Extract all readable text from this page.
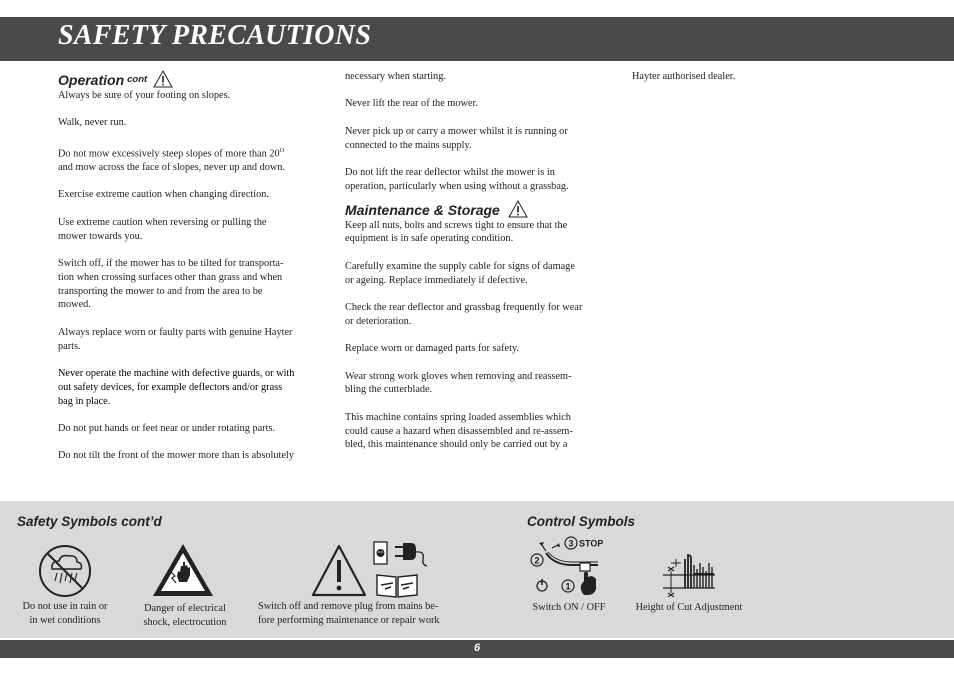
SAFETY PRECAUTIONS
Operation cont

Always be sure of your footing on slopes.

Walk, never run.

Do not mow excessively steep slopes of more than $20^O$
and mow across the face of slopes, never up and down.

Exercise extreme caution when changing direction.

Use extreme caution when reversing or pulling the
mower towards you.

Switch off, if the mower has to be tilted for transporta-
tion when crossing surfaces other than grass and when
transporting the mower to and from the area to be
mowed.

Always replace worn or faulty parts with genuine Hayter
parts.

Never operate the machine with defective guards, or with
out safety devices, for example deflectors and/or grass
bag in place.

Do not put hands or feet near or under rotating parts.

Do not tilt the front of the mower more than is absolutely

necessary when starting.

Never lift the rear of the mower.

Never pick up or carry a mower whilst it is running or
connected to the mains supply.

Do not lift the rear deflector whilst the mower is in
operation, particularly when using without a grassbag.

Maintenance & Storage

Keep all nuts, bolts and screws tight to ensure that the
equipment is in safe operating condition.

Carefully examine the supply cable for signs of damage
or ageing. Replace immediately if defective.

Check the rear deflector and grassbag frequently for wear
or deterioration.

Replace worn or damaged parts for safety.

Wear strong work gloves when removing and reassem-
bling the cutterblade.

This machine contains spring loaded assemblies which
could cause a hazard when disassembled and re-assem-
bled, this maintenance should only be carried out by a

Hayter authorised dealer.

Safety Symbols cont’d	Control Symbols
Do not use in rain or
in wet conditions
Danger of electrical
shock, electrocution
Switch off and remove plug from mains be-
fore performing maintenance or repair work
3 STOP
2
1
Switch ON / OFF	Height of Cut Adjustment
6
